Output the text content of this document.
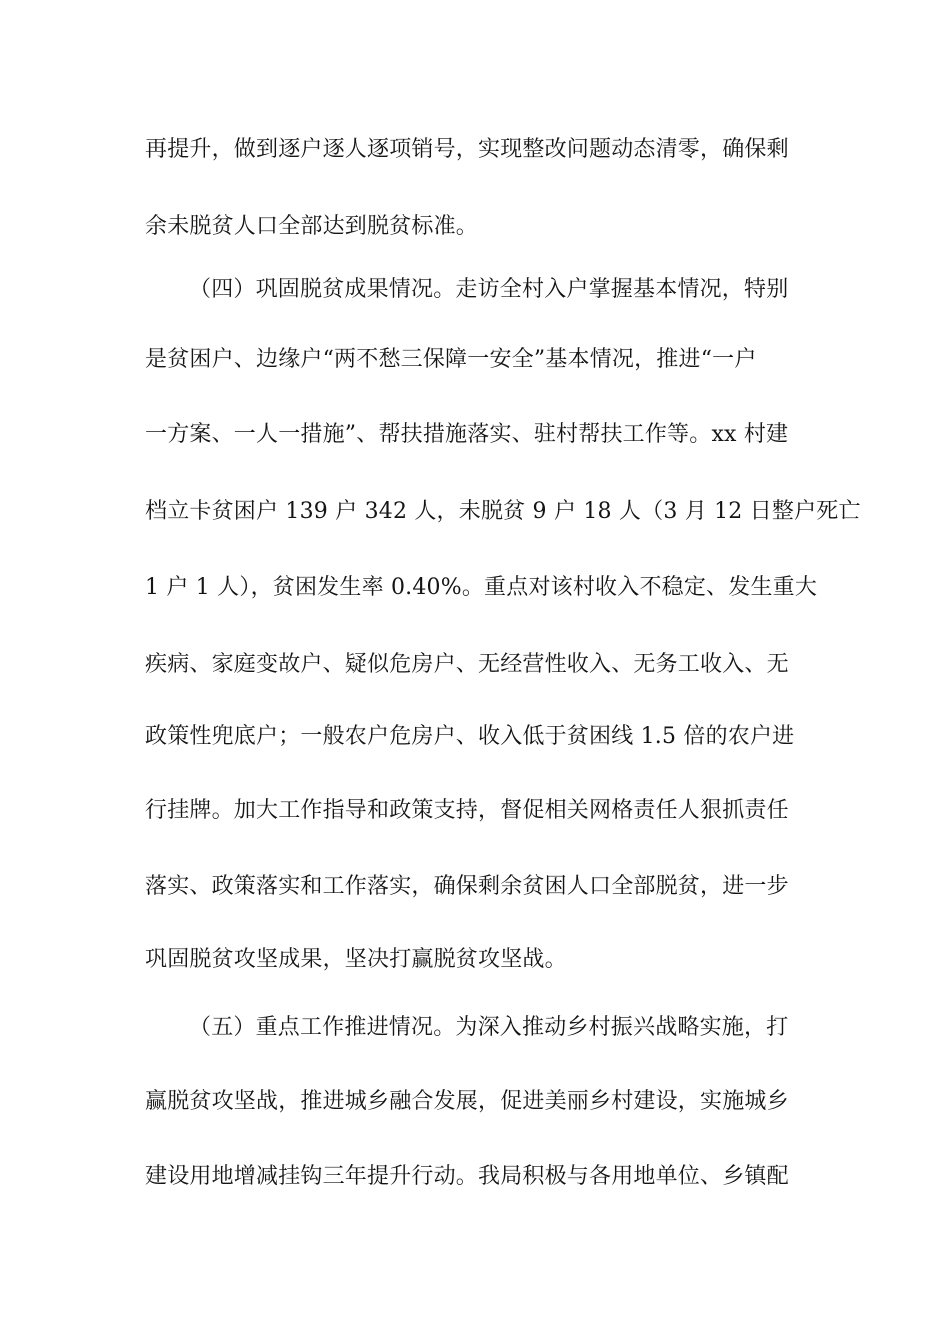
再提升，做到逐户逐人逐项销号，实现整改问题动态清零，确保剩
余未脱贫人口全部达到脱贫标准。
（四）巩固脱贫成果情况。走访全村入户掌握基本情况，特别
是贫困户、边缘户“两不愁三保障一安全”基本情况，推进“一户
一方案、一人一措施”、帮扶措施落实、驻村帮扶工作等。xx 村建
档立卡贫困户 139 户 342 人，未脱贫 9 户 18 人（3 月 12 日整户死亡
1 户 1 人），贫困发生率 0.40%。重点对该村收入不稳定、发生重大
疾病、家庭变故户、疑似危房户、无经营性收入、无务工收入、无
政策性兜底户；一般农户危房户、收入低于贫困线 1.5 倍的农户进
行挂牌。加大工作指导和政策支持，督促相关网格责任人狠抓责任
落实、政策落实和工作落实，确保剩余贫困人口全部脱贫，进一步
巩固脱贫攻坚成果，坚决打赢脱贫攻坚战。
（五）重点工作推进情况。为深入推动乡村振兴战略实施，打
赢脱贫攻坚战，推进城乡融合发展，促进美丽乡村建设，实施城乡
建设用地增减挂钩三年提升行动。我局积极与各用地单位、乡镇配
